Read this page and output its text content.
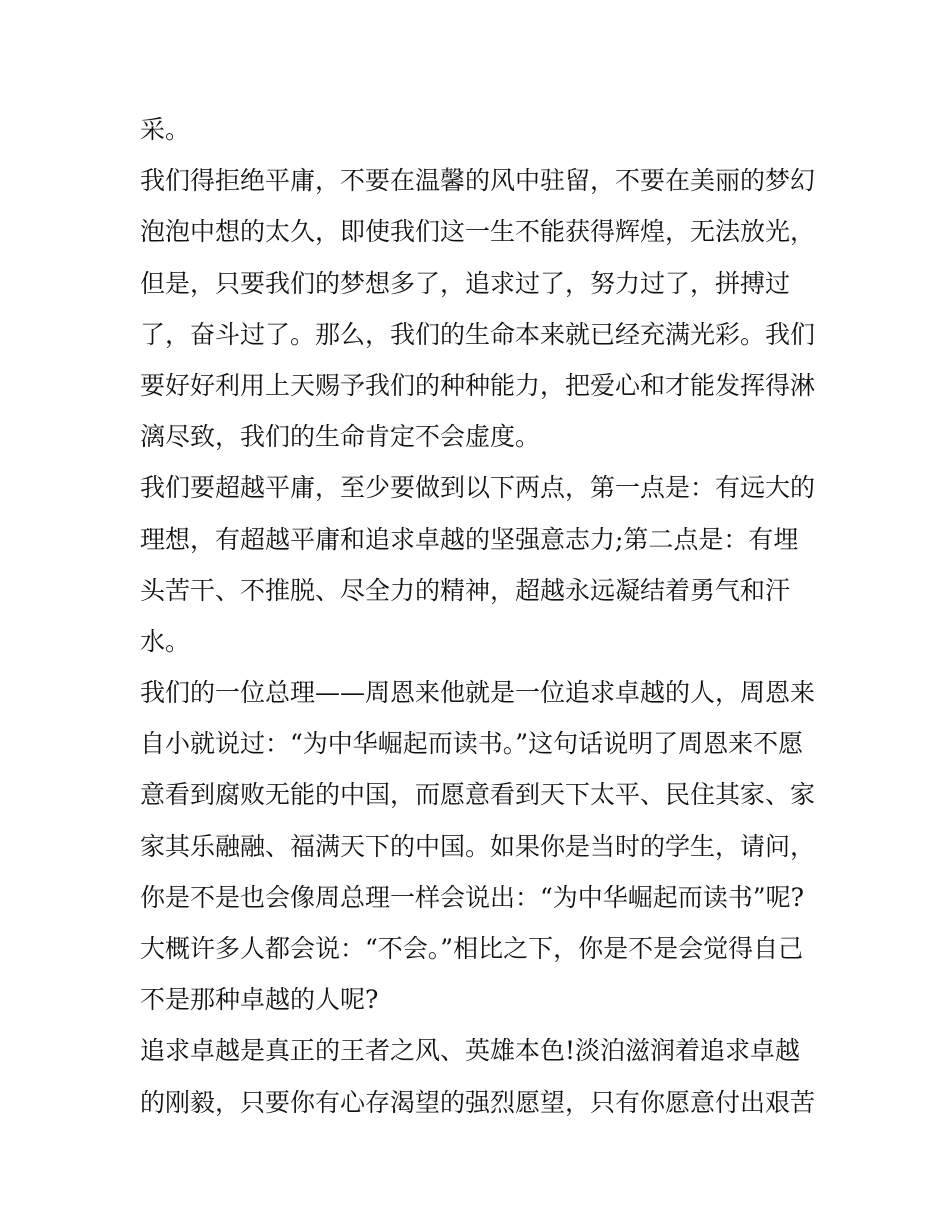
采。
我们得拒绝平庸，不要在温馨的风中驻留，不要在美丽的梦幻
泡泡中想的太久，即使我们这一生不能获得辉煌，无法放光，
但是，只要我们的梦想多了，追求过了，努力过了，拼搏过
了，奋斗过了。那么，我们的生命本来就已经充满光彩。我们
要好好利用上天赐予我们的种种能力，把爱心和才能发挥得淋
漓尽致，我们的生命肯定不会虚度。
我们要超越平庸，至少要做到以下两点，第一点是：有远大的
理想，有超越平庸和追求卓越的坚强意志力;第二点是：有埋
头苦干、不推脱、尽全力的精神，超越永远凝结着勇气和汗
水。
我们的一位总理——周恩来他就是一位追求卓越的人，周恩来
自小就说过：“为中华崛起而读书。”这句话说明了周恩来不愿
意看到腐败无能的中国，而愿意看到天下太平、民住其家、家
家其乐融融、福满天下的中国。如果你是当时的学生，请问，
你是不是也会像周总理一样会说出：“为中华崛起而读书”呢?
大概许多人都会说：“不会。”相比之下，你是不是会觉得自己
不是那种卓越的人呢?
追求卓越是真正的王者之风、英雄本色!淡泊滋润着追求卓越
的刚毅，只要你有心存渴望的强烈愿望，只有你愿意付出艰苦
